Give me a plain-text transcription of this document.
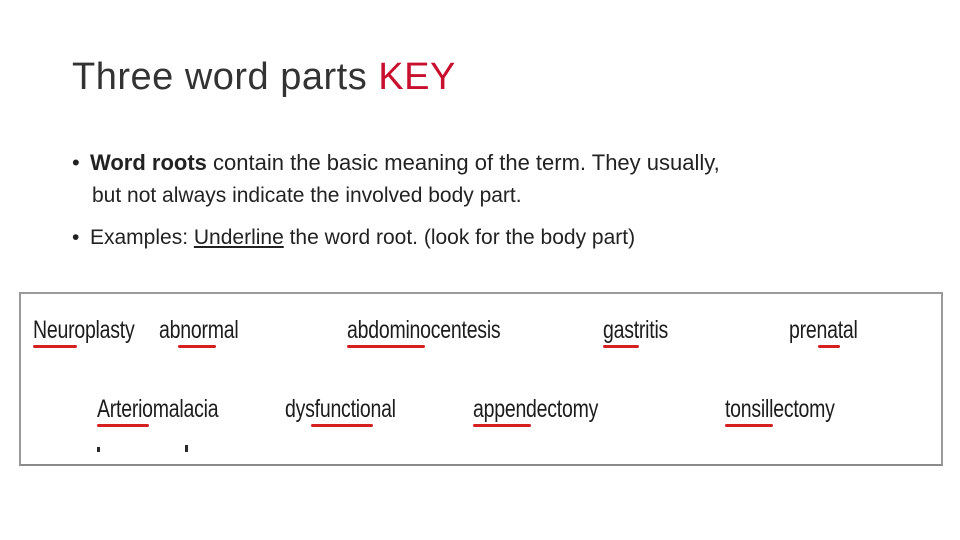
Three word parts KEY
• Word roots contain the basic meaning of the term. They usually,
but not always indicate the involved body part.
• Examples: Underline the word root. (look for the body part)
Neuroplasty abnormal	abdominocentesis	gastritis	prenatal
Arteriomalacia	dysfunctional	appendectomy	tonsillectomy
